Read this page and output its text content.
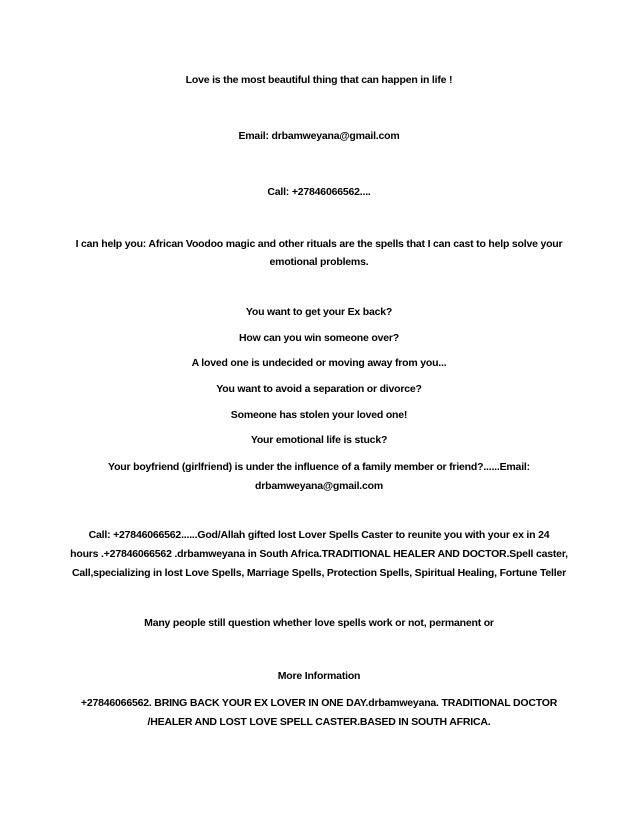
Love is the most beautiful thing that can happen in life !
Email: drbamweyana@gmail.com
Call: +27846066562....
I can help you: African Voodoo magic and other rituals are the spells that I can cast to help solve your
emotional problems.
You want to get your Ex back?
How can you win someone over?
A loved one is undecided or moving away from you...
You want to avoid a separation or divorce?
Someone has stolen your loved one!
Your emotional life is stuck?
Your boyfriend (girlfriend) is under the influence of a family member or friend?......Email:
drbamweyana@gmail.com
Call: +27846066562......God/Allah gifted lost Lover Spells Caster to reunite you with your ex in 24
hours .+27846066562 .drbamweyana in South Africa.TRADITIONAL HEALER AND DOCTOR.Spell caster,
Call,specializing in lost Love Spells, Marriage Spells, Protection Spells, Spiritual Healing, Fortune Teller
Many people still question whether love spells work or not, permanent or
More Information
+27846066562. BRING BACK YOUR EX LOVER IN ONE DAY.drbamweyana. TRADITIONAL DOCTOR
/HEALER AND LOST LOVE SPELL CASTER.BASED IN SOUTH AFRICA.
